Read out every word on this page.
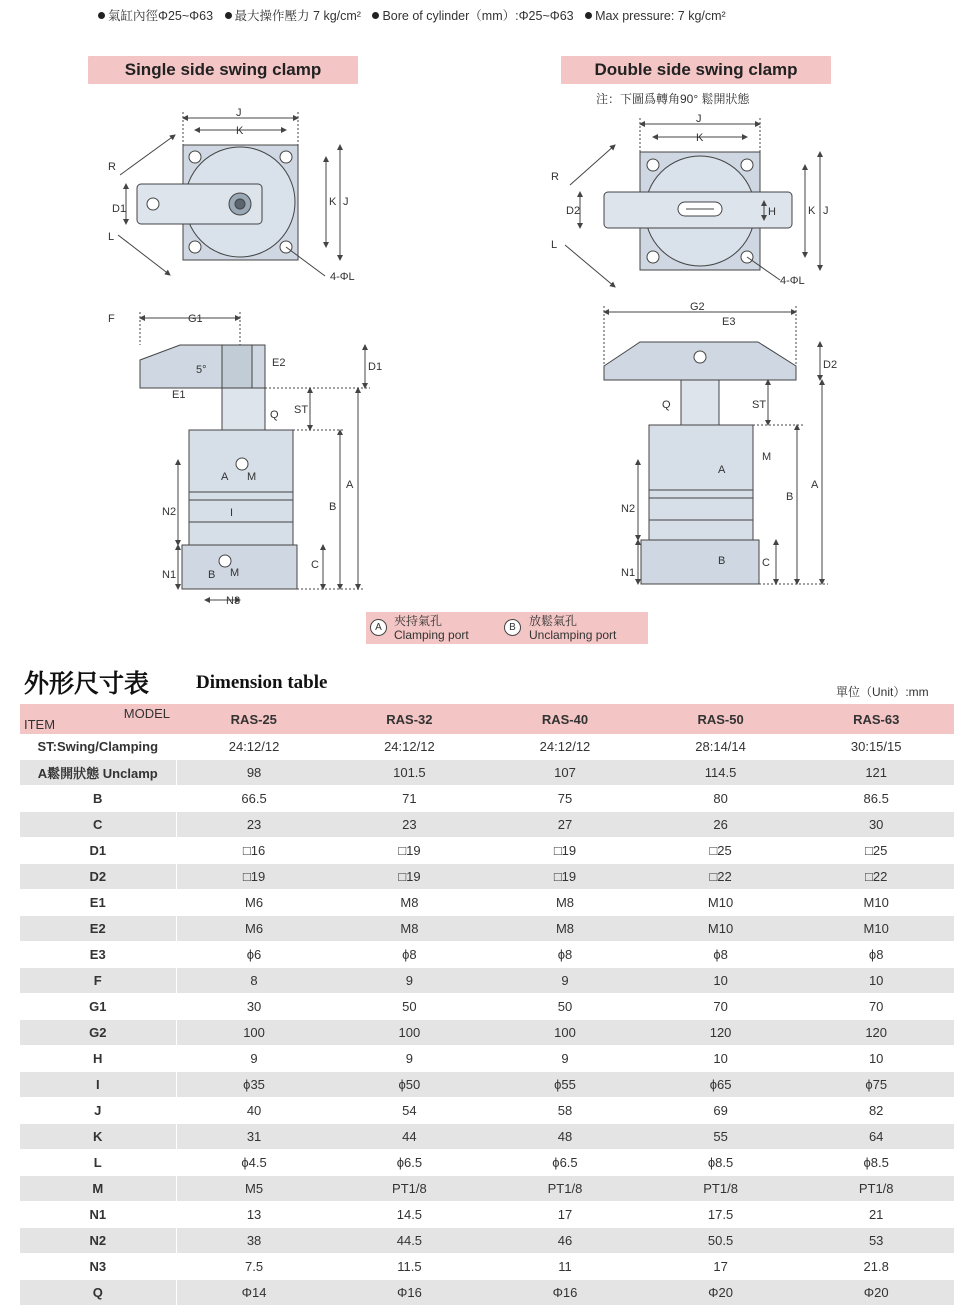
氣缸內徑Φ25~Φ63 最大操作壓力 7 kg/cm² Bore of cylinder（mm）:Φ25~Φ63 Max pressure: 7 kg/cm²
Single side swing clamp	Double side swing clamp
注：下圖爲轉角90° 鬆開狀態
J
K
R
L
D1
K J
4-ΦL
F	G1
5°
E1
E2
Q ST
D1
A
B
C
N2
N1
N3
A M
B M
I
J
K
R
L
D2	H	K J
4-ΦL
G2
E3
D2
Q	ST
A
B
C
N2
N1
A
M
B
A	夾持氣孔
Clamping port
B	放鬆氣孔
Unclamping port
外形尺寸表 Dimension table	單位（Unit）:mm
MODEL
ITEM	RAS-25	RAS-32	RAS-40	RAS-50	RAS-63
ST:Swing/Clamping	24:12/12	24:12/12	24:12/12	28:14/14	30:15/15
A鬆開狀態 Unclamp	98	101.5	107	114.5	121
B	66.5	71	75	80	86.5
C	23	23	27	26	30
D1	□16	□19	□19	□25	□25
D2	□19	□19	□19	□22	□22
E1	M6	M8	M8	M10	M10
E2	M6	M8	M8	M10	M10
E3	ϕ6	ϕ8	ϕ8	ϕ8	ϕ8
F	8	9	9	10	10
G1	30	50	50	70	70
G2	100	100	100	120	120
H	9	9	9	10	10
I	ϕ35	ϕ50	ϕ55	ϕ65	ϕ75
J	40	54	58	69	82
K	31	44	48	55	64
L	ϕ4.5	ϕ6.5	ϕ6.5	ϕ8.5	ϕ8.5
M	M5	PT1/8	PT1/8	PT1/8	PT1/8
N1	13	14.5	17	17.5	21
N2	38	44.5	46	50.5	53
N3	7.5	11.5	11	17	21.8
Q	Φ14	Φ16	Φ16	Φ20	Φ20
